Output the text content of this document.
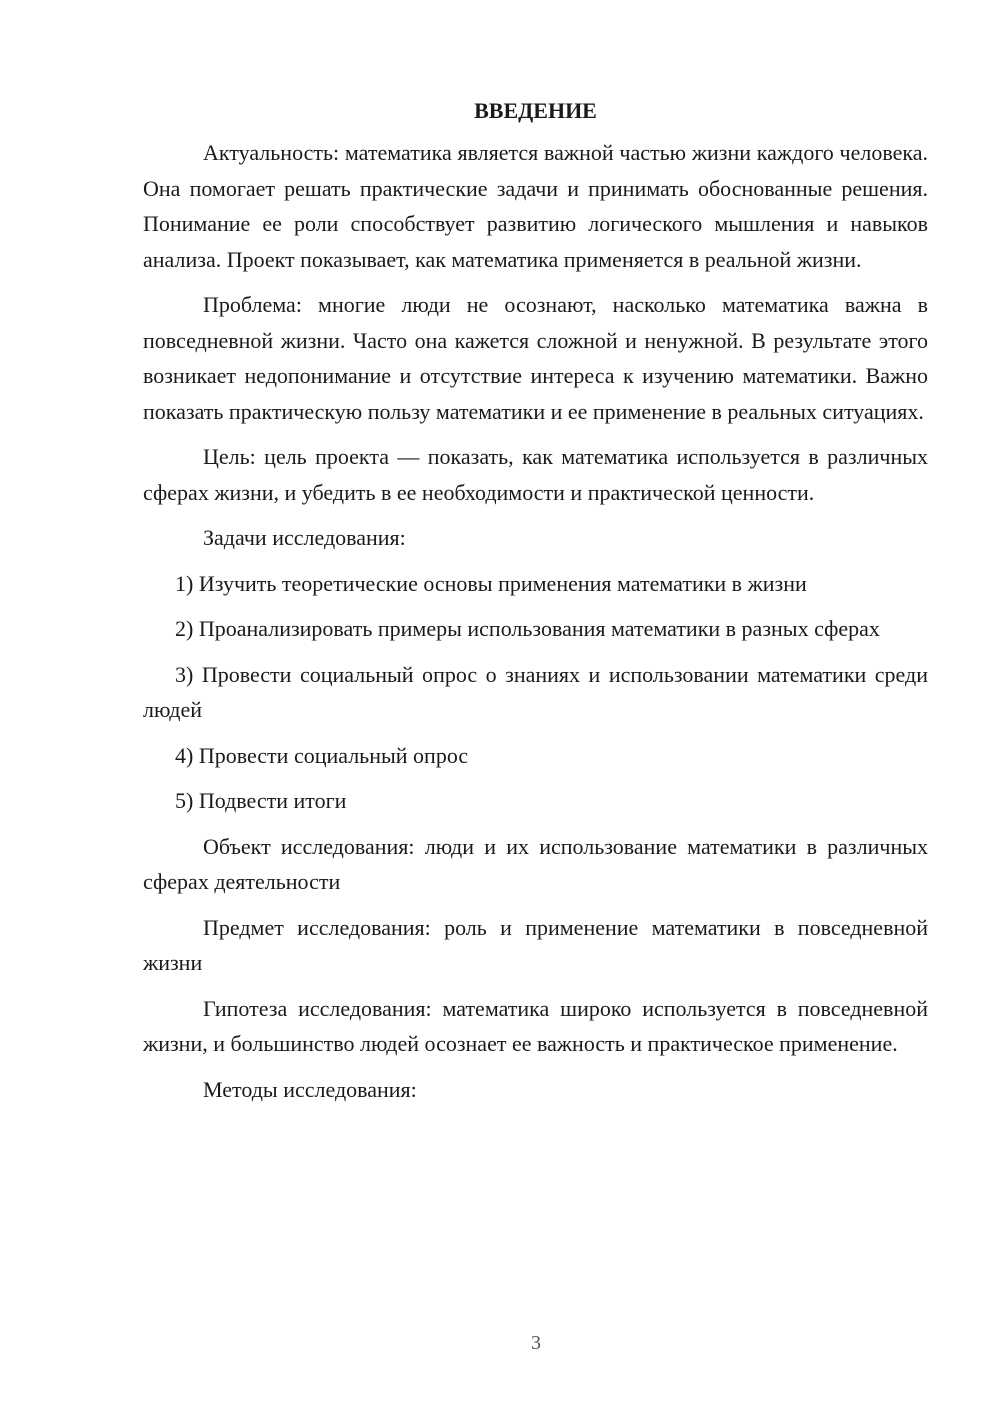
ВВЕДЕНИЕ

Актуальность: математика является важной частью жизни каждого человека. Она помогает решать практические задачи и принимать обоснованные решения. Понимание ее роли способствует развитию логического мышления и навыков анализа. Проект показывает, как математика применяется в реальной жизни.

Проблема: многие люди не осознают, насколько математика важна в повседневной жизни. Часто она кажется сложной и ненужной. В результате этого возникает недопонимание и отсутствие интереса к изучению математики. Важно показать практическую пользу математики и ее применение в реальных ситуациях.

Цель: цель проекта — показать, как математика используется в различных сферах жизни, и убедить в ее необходимости и практической ценности.

Задачи исследования:

1) Изучить теоретические основы применения математики в жизни

2) Проанализировать примеры использования математики в разных сферах

3) Провести социальный опрос о знаниях и использовании математики среди людей

4) Провести социальный опрос

5) Подвести итоги

Объект исследования: люди и их использование математики в различных сферах деятельности

Предмет исследования: роль и применение математики в повседневной жизни

Гипотеза исследования: математика широко используется в повседневной жизни, и большинство людей осознает ее важность и практическое применение.

Методы исследования:

3
